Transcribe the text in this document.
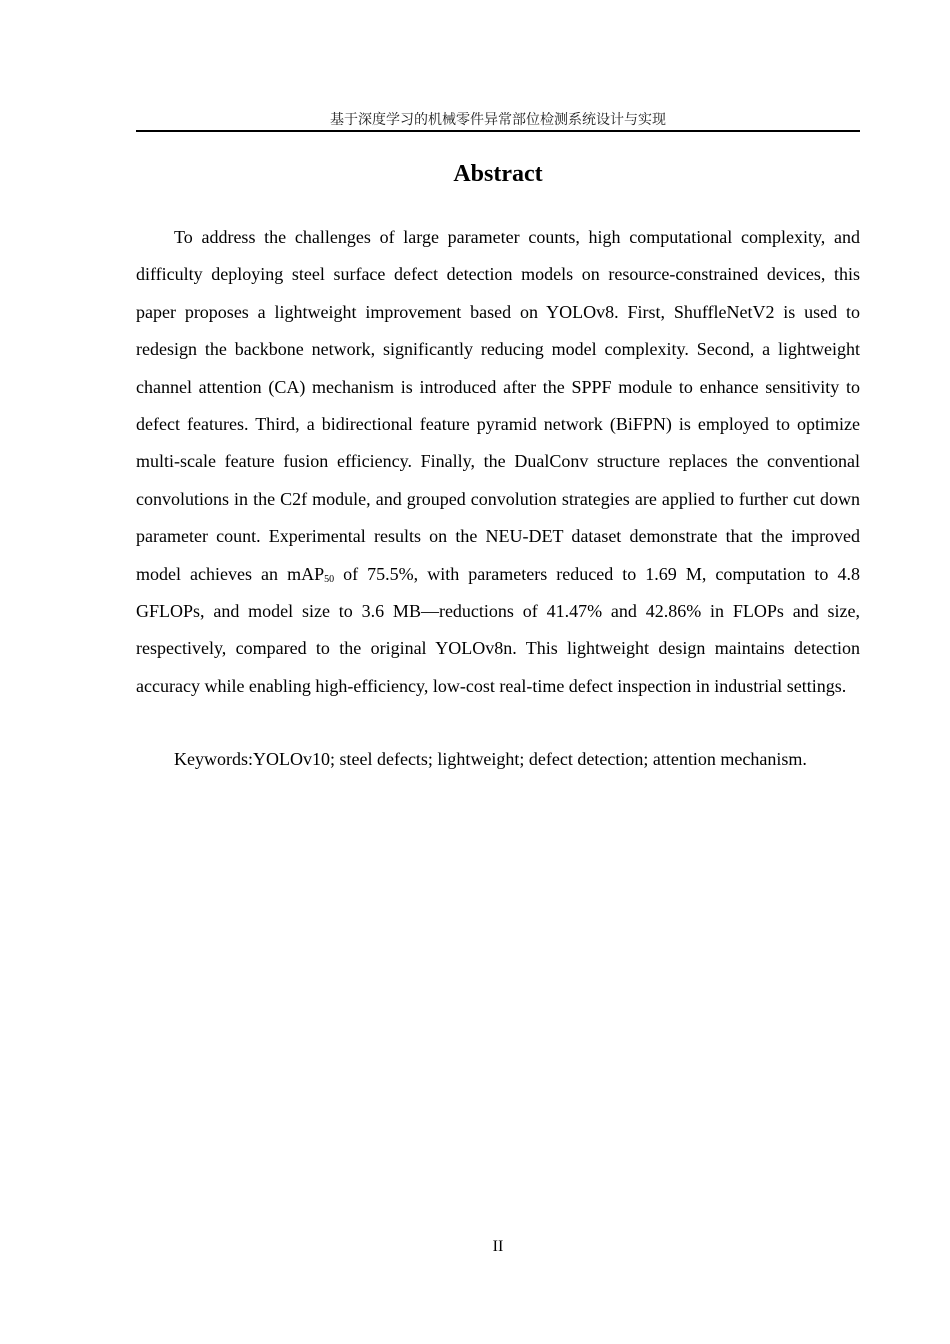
基于深度学习的机械零件异常部位检测系统设计与实现
Abstract

To address the challenges of large parameter counts, high computational complexity, and difficulty deploying steel surface defect detection models on resource-constrained devices, this paper proposes a lightweight improvement based on YOLOv8. First, ShuffleNetV2 is used to redesign the backbone network, significantly reducing model complexity. Second, a lightweight channel attention (CA) mechanism is introduced after the SPPF module to enhance sensitivity to defect features. Third, a bidirectional feature pyramid network (BiFPN) is employed to optimize multi-scale feature fusion efficiency. Finally, the DualConv structure replaces the conventional convolutions in the C2f module, and grouped convolution strategies are applied to further cut down parameter count. Experimental results on the NEU-DET dataset demonstrate that the improved model achieves an mAP$_{50}$ of 75.5%, with parameters reduced to 1.69 M, computation to 4.8 GFLOPs, and model size to 3.6 MB—reductions of 41.47% and 42.86% in FLOPs and size, respectively, compared to the original YOLOv8n. This lightweight design maintains detection accuracy while enabling high-efficiency, low-cost real-time defect inspection in industrial settings.

Keywords:YOLOv10; steel defects; lightweight; defect detection; attention mechanism.

II
